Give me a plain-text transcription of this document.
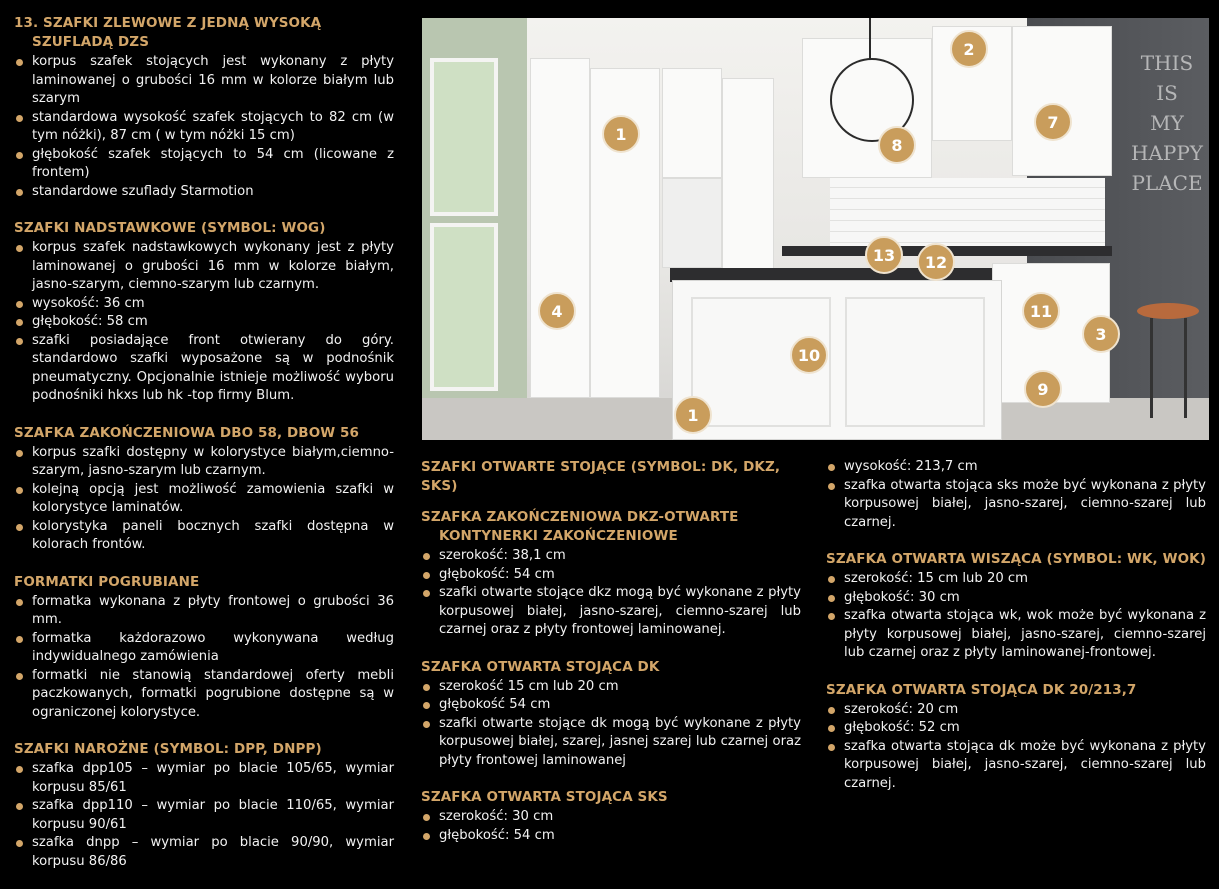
13. SZAFKI ZLEWOWE Z JEDNĄ WYSOKĄ
SZUFLADĄ DZS
korpus szafek stojących jest wykonany z płyty laminowanej o grubości 16 mm w kolorze białym lub szarym
standardowa wysokość szafek stojących to 82 cm (w tym nóżki), 87 cm ( w tym nóżki 15 cm)
głębokość szafek stojących to 54 cm (licowane z frontem)
standardowe szuflady Starmotion
SZAFKI NADSTAWKOWE (SYMBOL: WOG)
korpus szafek nadstawkowych wykonany jest z płyty laminowanej o grubości 16 mm w kolorze białym, jasno-szarym, ciemno-szarym lub czarnym.
wysokość: 36 cm
głębokość: 58 cm
szafki posiadające front otwierany do góry. standardowo szafki wyposażone są w podnośnik pneumatyczny. Opcjonalnie istnieje możliwość wyboru podnośniki hkxs lub hk -top firmy Blum.
SZAFKA ZAKOŃCZENIOWA DBO 58, DBOW 56
korpus szafki dostępny w kolorystyce białym,ciemno-szarym, jasno-szarym lub czarnym.
kolejną opcją jest możliwość zamowienia szafki w kolorystyce laminatów.
kolorystyka paneli bocznych szafki dostępna w kolorach frontów.
FORMATKI POGRUBIANE
formatka wykonana z płyty frontowej o grubości 36 mm.
formatka każdorazowo wykonywana według indywidualnego zamówienia
formatki nie stanowią standardowej oferty mebli paczkowanych, formatki pogrubione dostępne są w ograniczonej kolorystyce.
SZAFKI NAROŻNE (SYMBOL: DPP, DNPP)
szafka dpp105 – wymiar po blacie 105/65, wymiar korpusu 85/61
szafka dpp110 – wymiar po blacie 110/65, wymiar korpusu 90/61
szafka dnpp – wymiar po blacie 90/90, wymiar korpusu 86/86
THIS
IS
MY
HAPPY
PLACE
1
2
7
8
4
13	12
11
3
10
9
1
SZAFKI OTWARTE STOJĄCE (SYMBOL: DK, DKZ, SKS)
SZAFKA ZAKOŃCZENIOWA DKZ-OTWARTE
KONTYNERKI ZAKOŃCZENIOWE
szerokość: 38,1 cm
głębokość: 54 cm
szafki otwarte stojące dkz mogą być wykonane z płyty korpusowej białej, jasno-szarej, ciemno-szarej lub czarnej oraz z płyty frontowej laminowanej.
SZAFKA OTWARTA STOJĄCA DK
szerokość 15 cm lub 20 cm
głębokość 54 cm
szafki otwarte stojące dk mogą być wykonane z płyty korpusowej białej, szarej, jasnej szarej lub czarnej oraz płyty frontowej laminowanej
SZAFKA OTWARTA STOJĄCA SKS
szerokość: 30 cm
głębokość: 54 cm
wysokość: 213,7 cm
szafka otwarta stojąca sks może być wykonana z płyty korpusowej białej, jasno-szarej, ciemno-szarej lub czarnej.
SZAFKA OTWARTA WISZĄCA (SYMBOL: WK, WOK)
szerokość: 15 cm lub 20 cm
głębokość: 30 cm
szafka otwarta stojąca wk, wok może być wykonana z płyty korpusowej białej, jasno-szarej, ciemno-szarej lub czarnej oraz z płyty laminowanej-frontowej.
SZAFKA OTWARTA STOJĄCA DK 20/213,7
szerokość: 20 cm
głębokość: 52 cm
szafka otwarta stojąca dk może być wykonana z płyty korpusowej białej, jasno-szarej, ciemno-szarej lub czarnej.
